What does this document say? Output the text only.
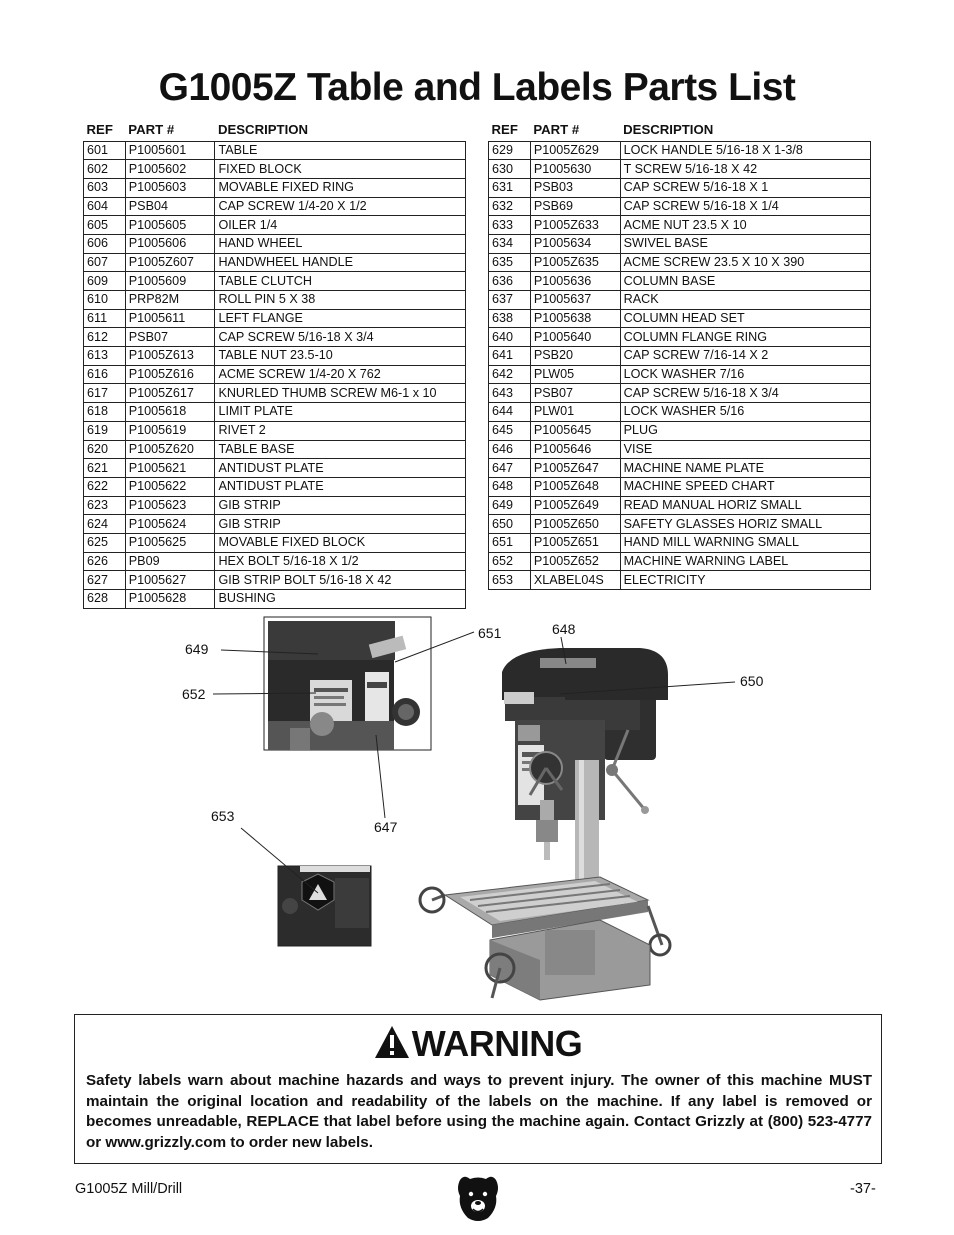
G1005Z Table and Labels Parts List
REF	PART #	DESCRIPTION
601	P1005601	TABLE
602	P1005602	FIXED BLOCK
603	P1005603	MOVABLE FIXED RING
604	PSB04	CAP SCREW 1/4-20 X 1/2
605	P1005605	OILER 1/4
606	P1005606	HAND WHEEL
607	P1005Z607	HANDWHEEL HANDLE
609	P1005609	TABLE CLUTCH
610	PRP82M	ROLL PIN 5 X 38
611	P1005611	LEFT FLANGE
612	PSB07	CAP SCREW 5/16-18 X 3/4
613	P1005Z613	TABLE NUT 23.5-10
616	P1005Z616	ACME SCREW 1/4-20 X 762
617	P1005Z617	KNURLED THUMB SCREW M6-1 x 10
618	P1005618	LIMIT PLATE
619	P1005619	RIVET 2
620	P1005Z620	TABLE BASE
621	P1005621	ANTIDUST PLATE
622	P1005622	ANTIDUST PLATE
623	P1005623	GIB STRIP
624	P1005624	GIB STRIP
625	P1005625	MOVABLE FIXED BLOCK
626	PB09	HEX BOLT 5/16-18 X 1/2
627	P1005627	GIB STRIP BOLT 5/16-18 X 42
628	P1005628	BUSHING
REF	PART #	DESCRIPTION
629	P1005Z629	LOCK HANDLE 5/16-18 X 1-3/8
630	P1005630	T SCREW 5/16-18 X 42
631	PSB03	CAP SCREW 5/16-18 X 1
632	PSB69	CAP SCREW 5/16-18 X 1/4
633	P1005Z633	ACME NUT 23.5 X 10
634	P1005634	SWIVEL BASE
635	P1005Z635	ACME SCREW 23.5 X 10 X 390
636	P1005636	COLUMN BASE
637	P1005637	RACK
638	P1005638	COLUMN HEAD SET
640	P1005640	COLUMN FLANGE RING
641	PSB20	CAP SCREW 7/16-14 X 2
642	PLW05	LOCK WASHER 7/16
643	PSB07	CAP SCREW 5/16-18 X 3/4
644	PLW01	LOCK WASHER 5/16
645	P1005645	PLUG
646	P1005646	VISE
647	P1005Z647	MACHINE NAME PLATE
648	P1005Z648	MACHINE SPEED CHART
649	P1005Z649	READ MANUAL HORIZ SMALL
650	P1005Z650	SAFETY GLASSES HORIZ SMALL
651	P1005Z651	HAND MILL WARNING SMALL
652	P1005Z652	MACHINE WARNING LABEL
653	XLABEL04S	ELECTRICITY
649
652
651	648
650
653
647
WARNING
Safety labels warn about machine hazards and ways to prevent injury. The owner of this machine MUST maintain the original location and readability of the labels on the machine. If any label is removed or becomes unreadable, REPLACE that label before using the machine again. Contact Grizzly at (800) 523-4777 or www.grizzly.com to order new labels.
G1005Z Mill/Drill	-37-
